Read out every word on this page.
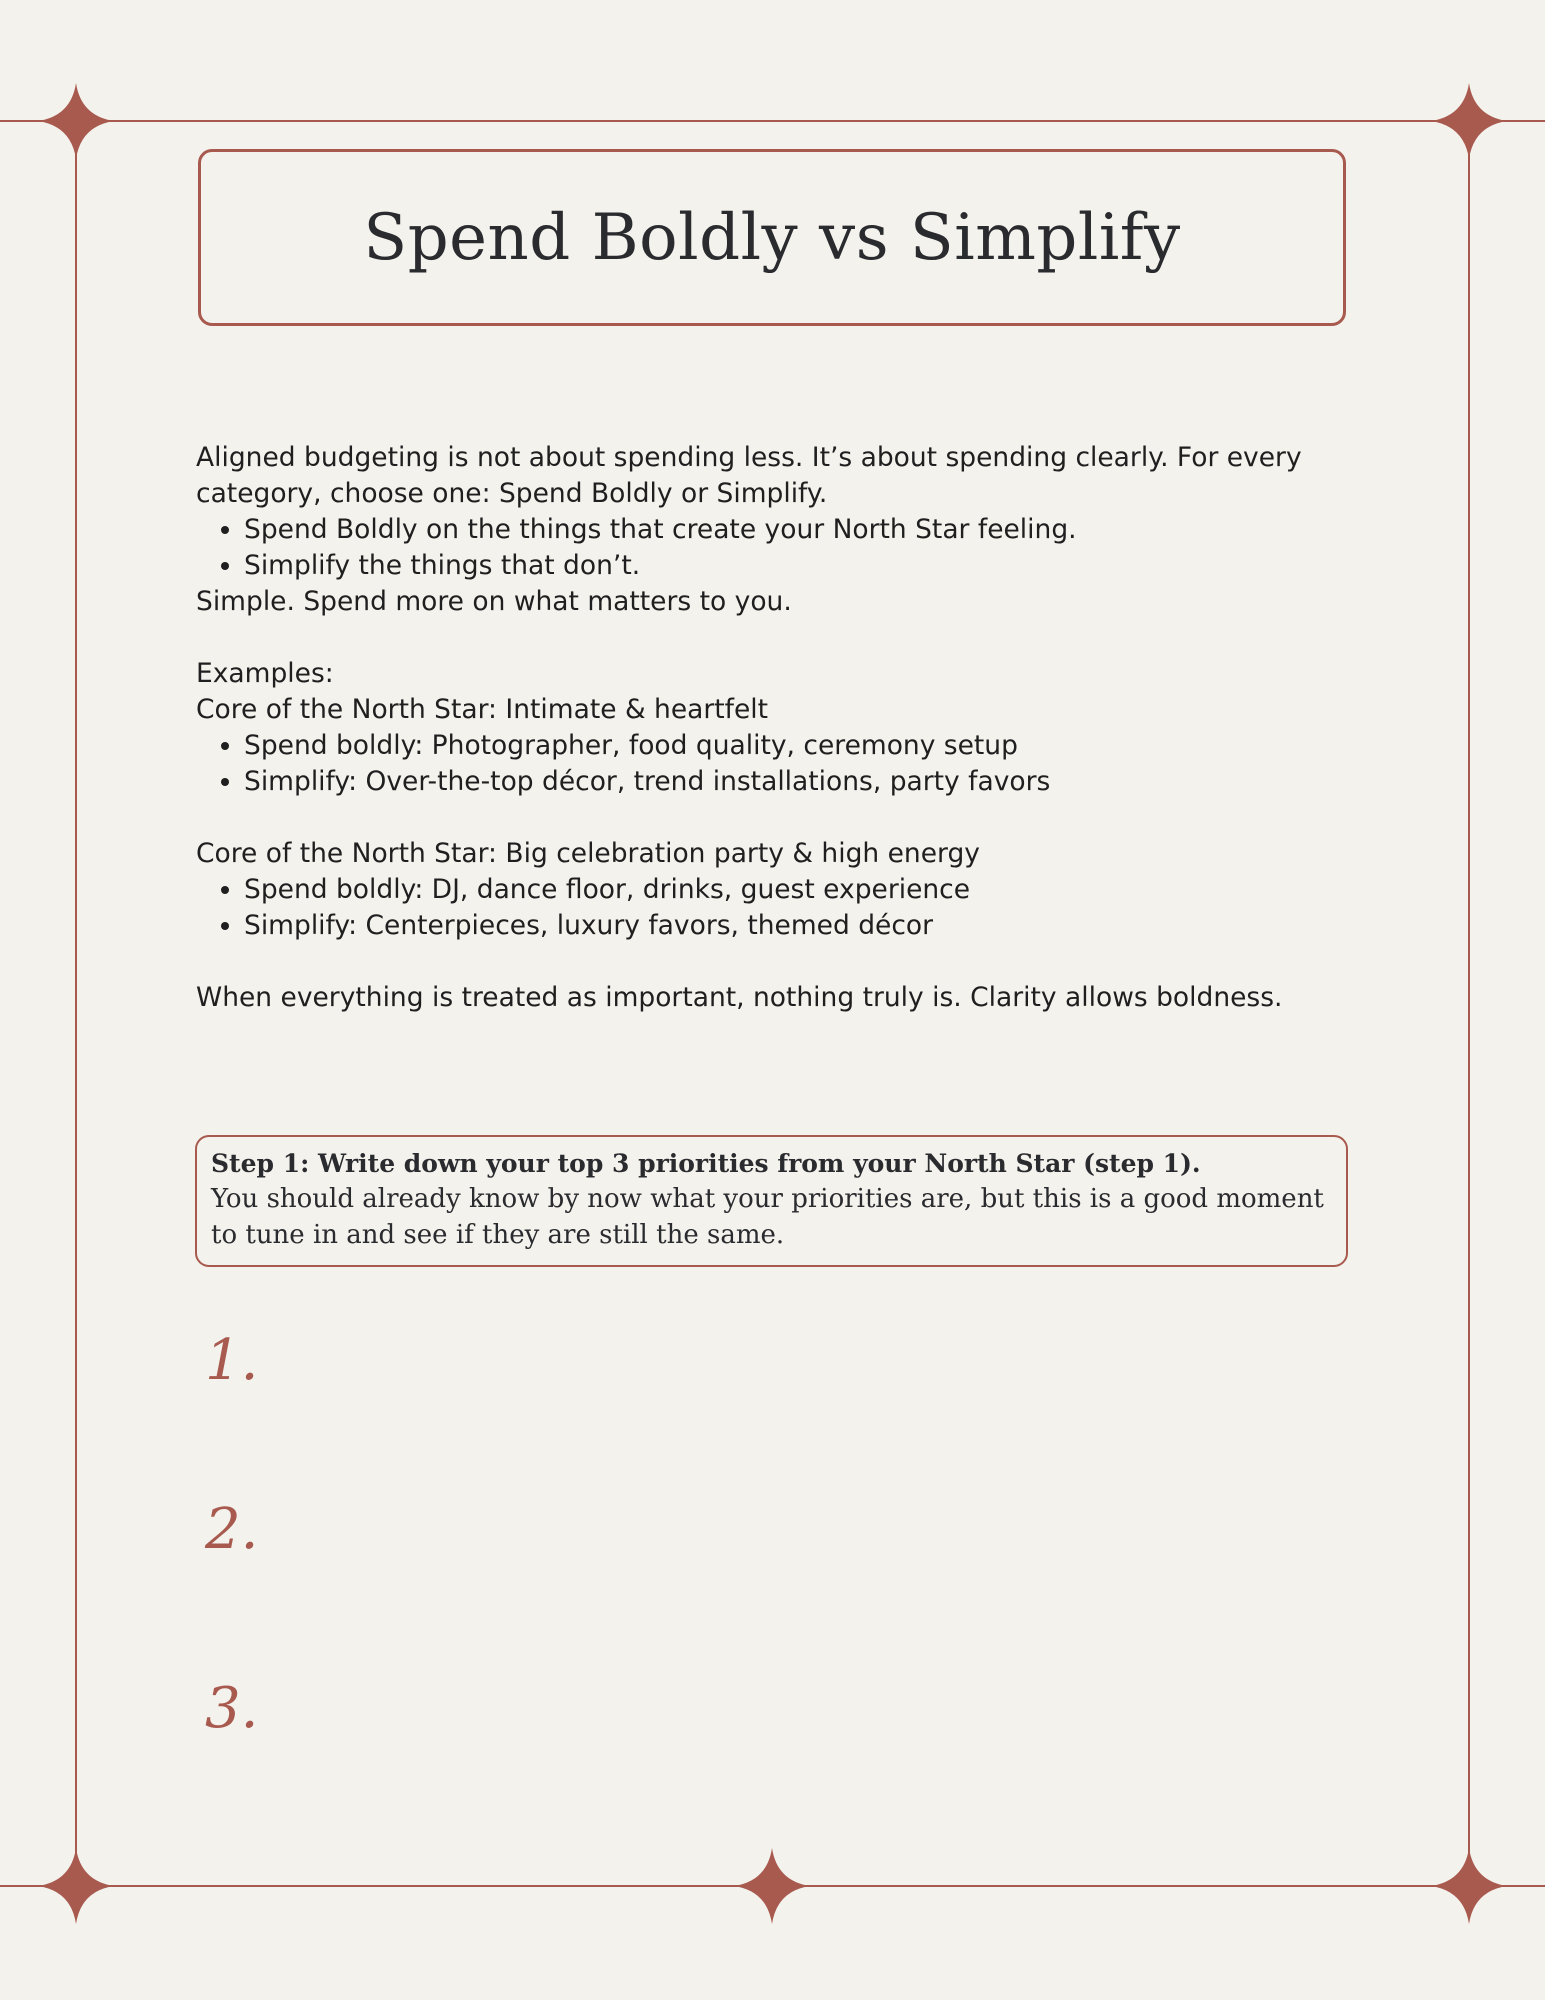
Spend Boldly vs Simplify

Aligned budgeting is not about spending less. It’s about spending clearly. For every category, choose one: Spend Boldly or Simplify.

• Spend Boldly on the things that create your North Star feeling.
• Simplify the things that don’t.

Simple. Spend more on what matters to you.

Examples:

Core of the North Star: Intimate & heartfelt

• Spend boldly: Photographer, food quality, ceremony setup
• Simplify: Over-the-top décor, trend installations, party favors

Core of the North Star: Big celebration party & high energy

• Spend boldly: DJ, dance floor, drinks, guest experience
• Simplify: Centerpieces, luxury favors, themed décor

When everything is treated as important, nothing truly is. Clarity allows boldness.

Step 1: Write down your top 3 priorities from your North Star (step 1).
You should already know by now what your priorities are, but this is a good moment to tune in and see if they are still the same.
1.
2.
3.
